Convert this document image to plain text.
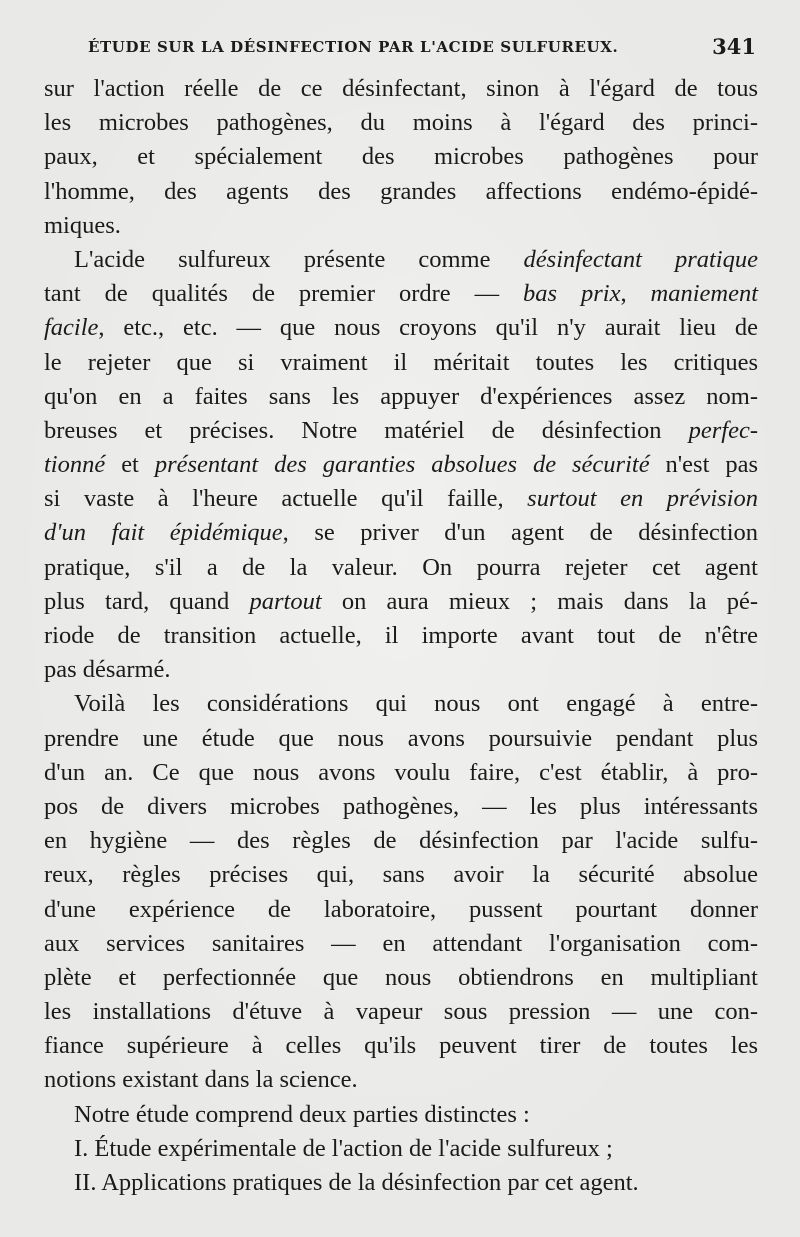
ÉTUDE SUR LA DÉSINFECTION PAR L'ACIDE SULFUREUX.	341
sur l'action réelle de ce désinfectant, sinon à l'égard de tous
les microbes pathogènes, du moins à l'égard des princi-
paux, et spécialement des microbes pathogènes pour
l'homme, des agents des grandes affections endémo-épidé-
miques.
L'acide sulfureux présente comme désinfectant pratique
tant de qualités de premier ordre — bas prix, maniement
facile, etc., etc. — que nous croyons qu'il n'y aurait lieu de
le rejeter que si vraiment il méritait toutes les critiques
qu'on en a faites sans les appuyer d'expériences assez nom-
breuses et précises. Notre matériel de désinfection perfec-
tionné et présentant des garanties absolues de sécurité n'est pas
si vaste à l'heure actuelle qu'il faille, surtout en prévision
d'un fait épidémique, se priver d'un agent de désinfection
pratique, s'il a de la valeur. On pourra rejeter cet agent
plus tard, quand partout on aura mieux ; mais dans la pé-
riode de transition actuelle, il importe avant tout de n'être
pas désarmé.
Voilà les considérations qui nous ont engagé à entre-
prendre une étude que nous avons poursuivie pendant plus
d'un an. Ce que nous avons voulu faire, c'est établir, à pro-
pos de divers microbes pathogènes, — les plus intéressants
en hygiène — des règles de désinfection par l'acide sulfu-
reux, règles précises qui, sans avoir la sécurité absolue
d'une expérience de laboratoire, pussent pourtant donner
aux services sanitaires — en attendant l'organisation com-
plète et perfectionnée que nous obtiendrons en multipliant
les installations d'étuve à vapeur sous pression — une con-
fiance supérieure à celles qu'ils peuvent tirer de toutes les
notions existant dans la science.
Notre étude comprend deux parties distinctes :
I. Étude expérimentale de l'action de l'acide sulfureux ;
II. Applications pratiques de la désinfection par cet agent.
